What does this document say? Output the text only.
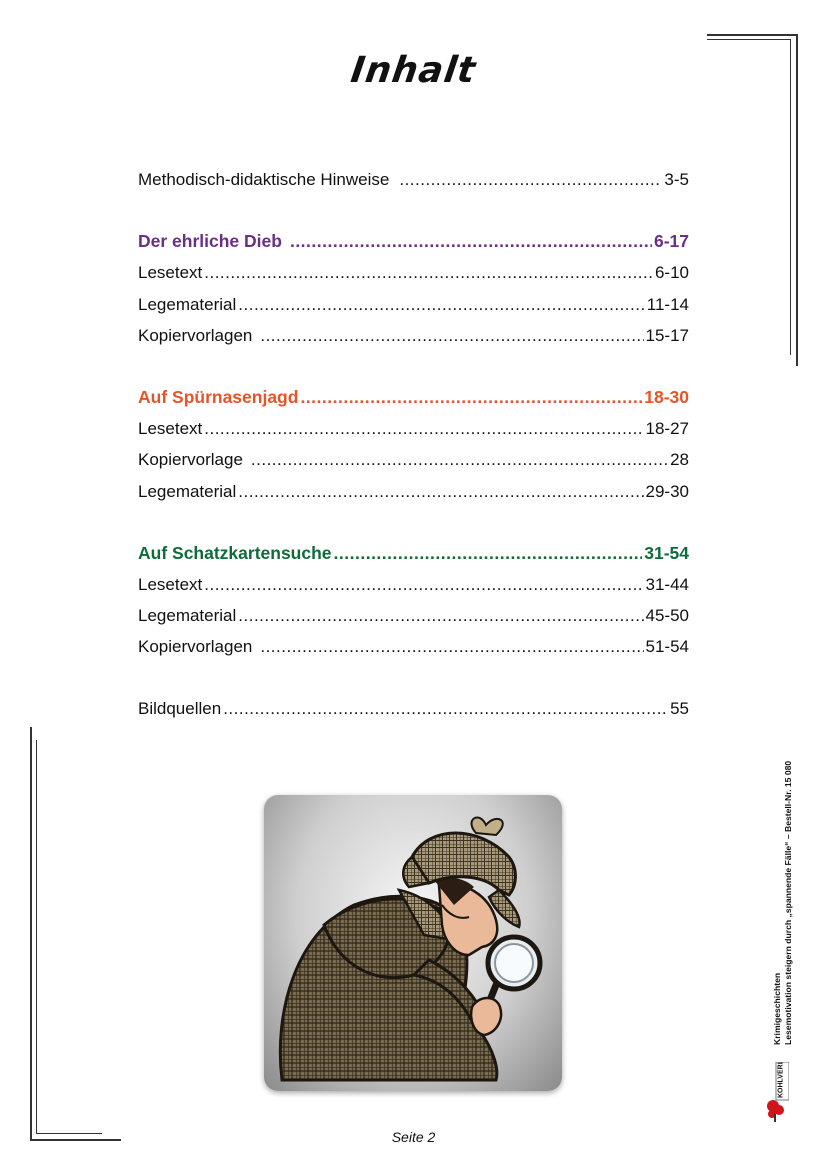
Inhalt
Methodisch-didaktische Hinweise .....	3-5
Der ehrliche Dieb .....	6-17
Lesetext .....	6-10
Legematerial .....	11-14
Kopiervorlagen .....	15-17
Auf Spürnasenjagd .....	18-30
Lesetext .....	18-27
Kopiervorlage .....	28
Legematerial .....	29-30
Auf Schatzkartensuche .....	31-54
Lesetext .....	31-44
Legematerial .....	45-50
Kopiervorlagen .....	51-54
Bildquellen .....	55
Krimigeschichten Lesemotivation steigern durch „spannende Fälle“ – Bestell-Nr. 15 080
KOHLVERLAG
Seite 2
